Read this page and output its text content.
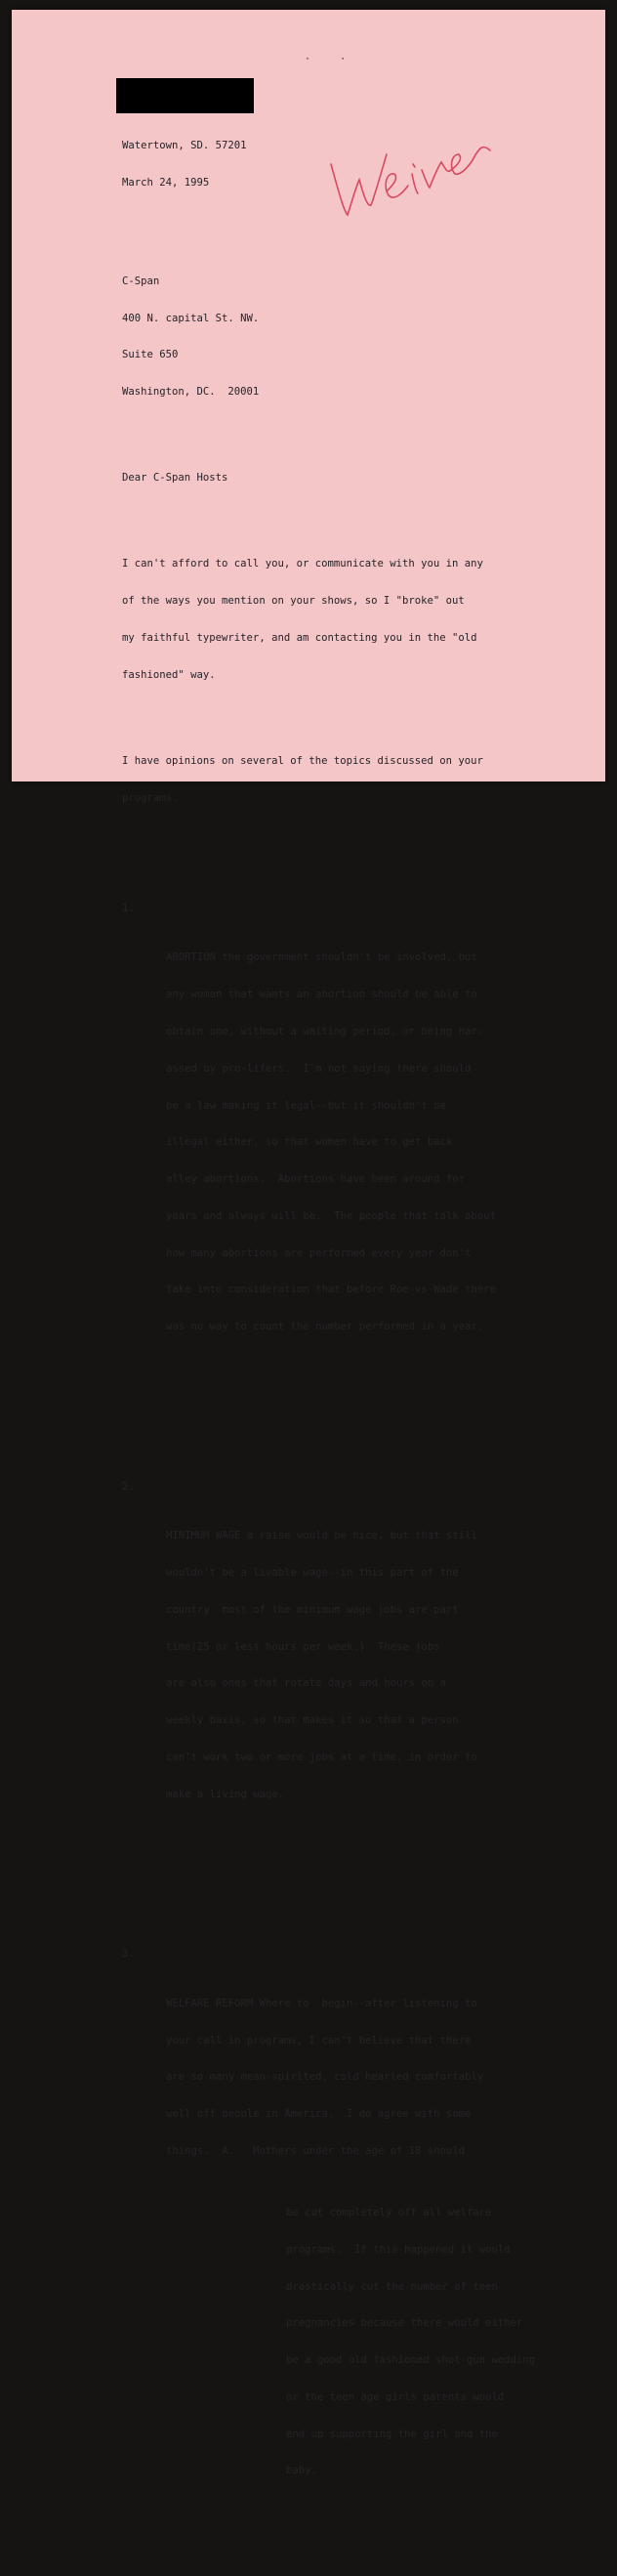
·     ·

Watertown, SD. 57201

March 24, 1995

C-Span

400 N. capital St. NW.

Suite 650

Washington, DC.  20001

Dear C-Span Hosts

I can't afford to call you, or communicate with you in any

of the ways you mention on your shows, so I "broke" out

my faithful typewriter, and am contacting you in the "old

fashioned" way.

I have opinions on several of the topics discussed on your

programs.

1.

ABORTION the government shouldn't be involved, but

any woman that wants an abortion should be able to

obtain one, without a waiting period, or being har-

assed by pro-lifers.  I'm not saying there should

be a law making it legal--but it shouldn't be

illegal either, so that women have to get back

alley abortions.  Abortions have been around for

years and always will be.  The people that talk about

how many abortions are performed every year don't

take into consideration that before Roe-vs-Wade there

was no way to count the number performed in a year.

2.

MINIMUM WAGE a raise would be nice, but that still

wouldn't be a livable wage--in this part of the

country  most of the minimum wage jobs are part

time(25 or less hours per week.)  These jobs

are also ones that rotate days and hours on a

weekly basis, so that makes it so that a person

can't work two or more jobs at a time, in order to

make a living wage.

3.

WELFARE REFORM Where to  begin--after listening to

your call in programs, I can't believe that there

are so many mean-spirited, cold hearted comfortably

well off people in America.  I do agree with some

things.  A.   Mothers under the age of 18 should

be cut completely off all welfare

programs.  If this happened it would

drastically cut the number of teen

pregnancies because there would either

be a good old fashioned shot-gun wedding

or the teen age girls parents would

end up supporting the girl and the

baby.
